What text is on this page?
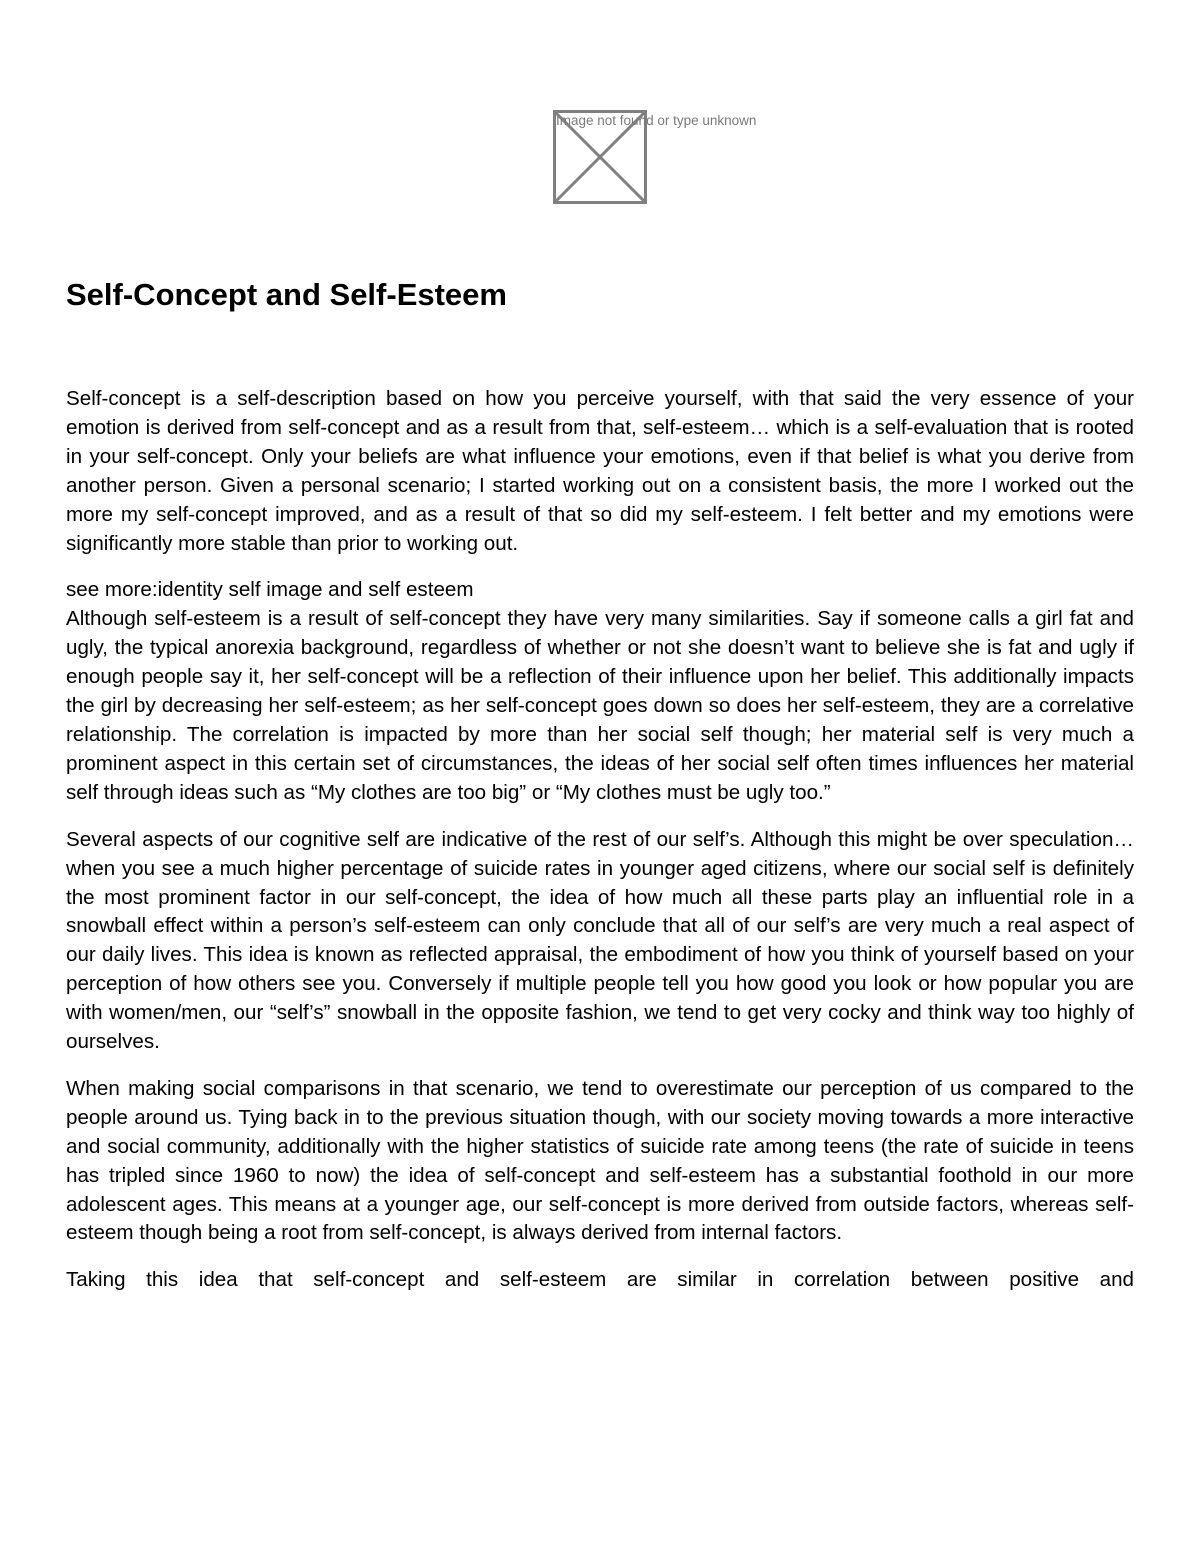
Image not found or type unknown
Self-Concept and Self-Esteem

Self-concept is a self-description based on how you perceive yourself, with that said the very essence of your emotion is derived from self-concept and as a result from that, self-esteem… which is a self-evaluation that is rooted in your self-concept. Only your beliefs are what influence your emotions, even if that belief is what you derive from another person. Given a personal scenario; I started working out on a consistent basis, the more I worked out the more my self-concept improved, and as a result of that so did my self-esteem. I felt better and my emotions were significantly more stable than prior to working out.

see more:identity self image and self esteem

Although self-esteem is a result of self-concept they have very many similarities. Say if someone calls a girl fat and ugly, the typical anorexia background, regardless of whether or not she doesn’t want to believe she is fat and ugly if enough people say it, her self-concept will be a reflection of their influence upon her belief. This additionally impacts the girl by decreasing her self-esteem; as her self-concept goes down so does her self-esteem, they are a correlative relationship. The correlation is impacted by more than her social self though; her material self is very much a prominent aspect in this certain set of circumstances, the ideas of her social self often times influences her material self through ideas such as “My clothes are too big” or “My clothes must be ugly too.”

Several aspects of our cognitive self are indicative of the rest of our self’s. Although this might be over speculation… when you see a much higher percentage of suicide rates in younger aged citizens, where our social self is definitely the most prominent factor in our self-concept, the idea of how much all these parts play an influential role in a snowball effect within a person’s self-esteem can only conclude that all of our self’s are very much a real aspect of our daily lives. This idea is known as reflected appraisal, the embodiment of how you think of yourself based on your perception of how others see you. Conversely if multiple people tell you how good you look or how popular you are with women/men, our “self’s” snowball in the opposite fashion, we tend to get very cocky and think way too highly of ourselves.

When making social comparisons in that scenario, we tend to overestimate our perception of us compared to the people around us. Tying back in to the previous situation though, with our society moving towards a more interactive and social community, additionally with the higher statistics of suicide rate among teens (the rate of suicide in teens has tripled since 1960 to now) the idea of self-concept and self-esteem has a substantial foothold in our more adolescent ages. This means at a younger age, our self-concept is more derived from outside factors, whereas self-esteem though being a root from self-concept, is always derived from internal factors.

Taking this idea that self-concept and self-esteem are similar in correlation between positive and
